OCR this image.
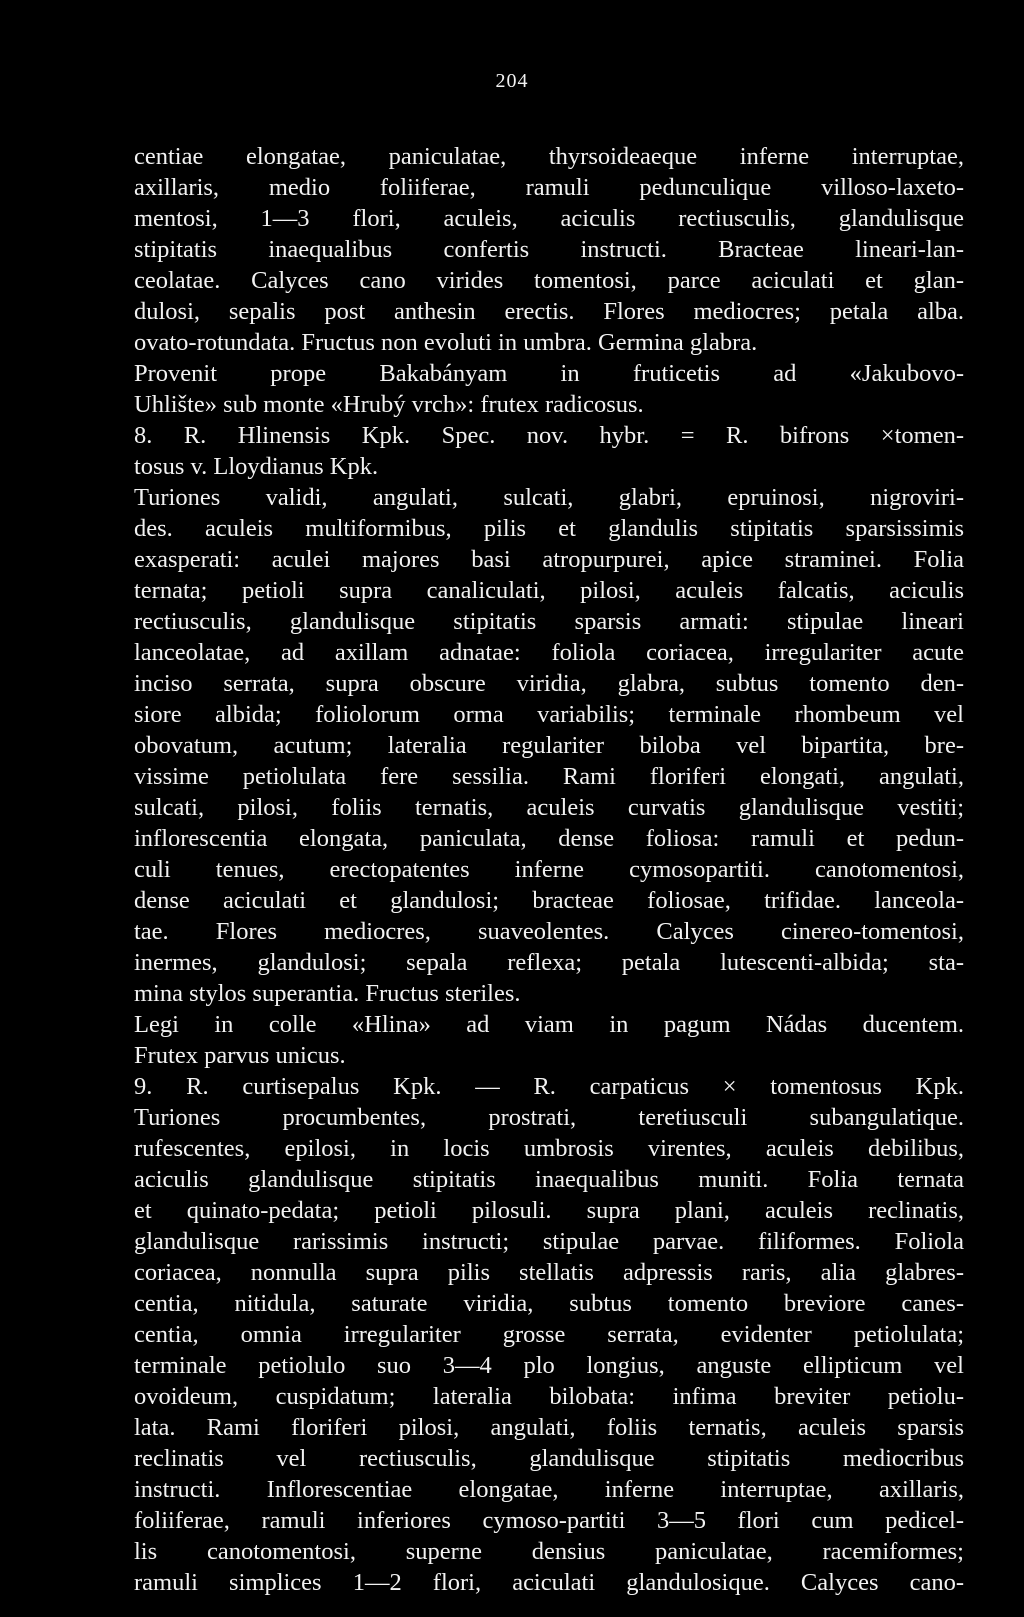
204
centiae elongatae, paniculatae, thyrsoideaeque inferne interruptae,
axillaris, medio foliiferae, ramuli pedunculique villoso-laxeto-
mentosi, 1—3 flori, aculeis, aciculis rectiusculis, glandulisque
stipitatis inaequalibus confertis instructi. Bracteae lineari-lan-
ceolatae. Calyces cano virides tomentosi, parce aciculati et glan-
dulosi, sepalis post anthesin erectis. Flores mediocres; petala alba.
ovato-rotundata. Fructus non evoluti in umbra. Germina glabra.
Provenit prope Bakabányam in fruticetis ad «Jakubovo-
Uhlište» sub monte «Hrubý vrch»: frutex radicosus.
8. R. Hlinensis Kpk. Spec. nov. hybr. = R. bifrons ×tomen-
tosus v. Lloydianus Kpk.
Turiones validi, angulati, sulcati, glabri, epruinosi, nigroviri-
des. aculeis multiformibus, pilis et glandulis stipitatis sparsissimis
exasperati: aculei majores basi atropurpurei, apice straminei. Folia
ternata; petioli supra canaliculati, pilosi, aculeis falcatis, aciculis
rectiusculis, glandulisque stipitatis sparsis armati: stipulae lineari
lanceolatae, ad axillam adnatae: foliola coriacea, irregulariter acute
inciso serrata, supra obscure viridia, glabra, subtus tomento den-
siore albida; foliolorum orma variabilis; terminale rhombeum vel
obovatum, acutum; lateralia regulariter biloba vel bipartita, bre-
vissime petiolulata fere sessilia. Rami floriferi elongati, angulati,
sulcati, pilosi, foliis ternatis, aculeis curvatis glandulisque vestiti;
inflorescentia elongata, paniculata, dense foliosa: ramuli et pedun-
culi tenues, erectopatentes inferne cymosopartiti. canotomentosi,
dense aciculati et glandulosi; bracteae foliosae, trifidae. lanceola-
tae. Flores mediocres, suaveolentes. Calyces cinereo-tomentosi,
inermes, glandulosi; sepala reflexa; petala lutescenti-albida; sta-
mina stylos superantia. Fructus steriles.
Legi in colle «Hlina» ad viam in pagum Nádas ducentem.
Frutex parvus unicus.
9. R. curtisepalus Kpk. — R. carpaticus × tomentosus Kpk.
Turiones procumbentes, prostrati, teretiusculi subangulatique.
rufescentes, epilosi, in locis umbrosis virentes, aculeis debilibus,
aciculis glandulisque stipitatis inaequalibus muniti. Folia ternata
et quinato-pedata; petioli pilosuli. supra plani, aculeis reclinatis,
glandulisque rarissimis instructi; stipulae parvae. filiformes. Foliola
coriacea, nonnulla supra pilis stellatis adpressis raris, alia glabres-
centia, nitidula, saturate viridia, subtus tomento breviore canes-
centia, omnia irregulariter grosse serrata, evidenter petiolulata;
terminale petiolulo suo 3—4 plo longius, anguste ellipticum vel
ovoideum, cuspidatum; lateralia bilobata: infima breviter petiolu-
lata. Rami floriferi pilosi, angulati, foliis ternatis, aculeis sparsis
reclinatis vel rectiusculis, glandulisque stipitatis mediocribus
instructi. Inflorescentiae elongatae, inferne interruptae, axillaris,
foliiferae, ramuli inferiores cymoso-partiti 3—5 flori cum pedicel-
lis canotomentosi, superne densius paniculatae, racemiformes;
ramuli simplices 1—2 flori, aciculati glandulosique. Calyces cano-
